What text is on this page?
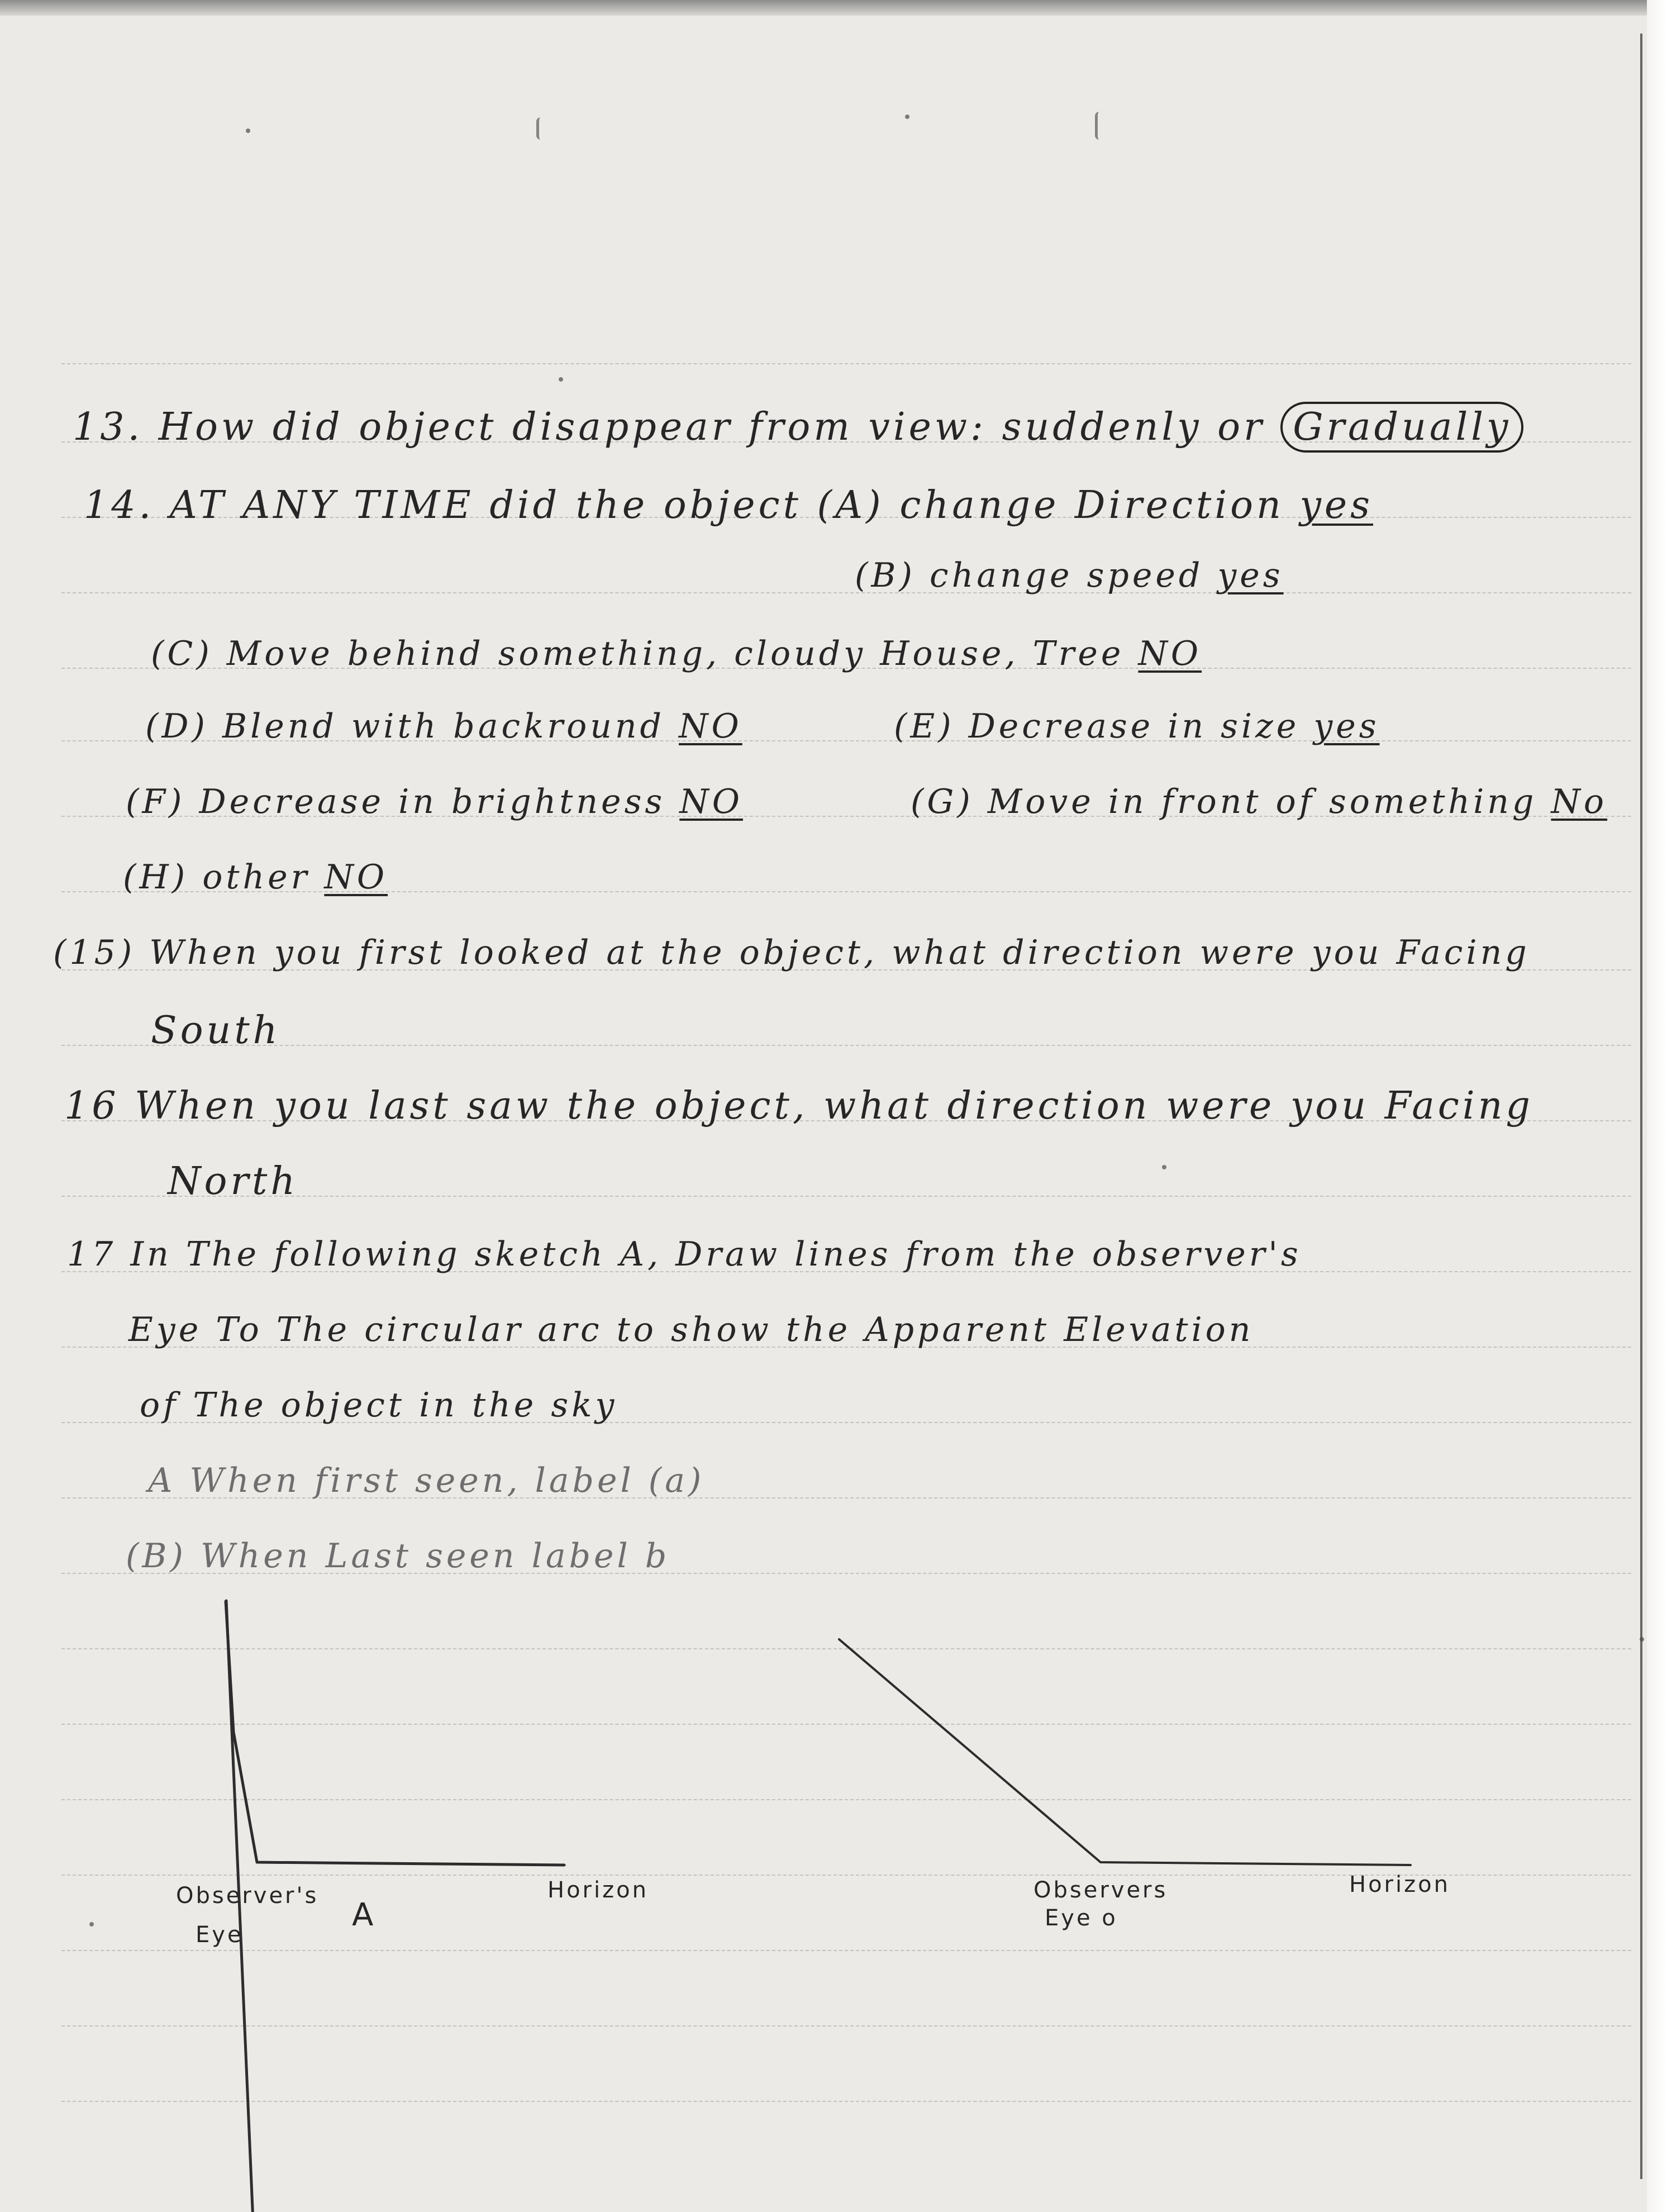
13. How did object disappear from view: suddenly or Gradually
14. AT ANY TIME did the object (A) change Direction yes
(B) change speed yes
(C) Move behind something, cloudy House, Tree NO
(D) Blend with backround NO	(E) Decrease in size yes
(F) Decrease in brightness NO	(G) Move in front of something No
(H) other NO
(15) When you first looked at the object, what direction were you Facing
South
16 When you last saw the object, what direction were you Facing
North
17 In The following sketch A, Draw lines from the observer's
Eye To The circular arc to show the Apparent Elevation
of The object in the sky
A When first seen, label (a)
(B) When Last seen label b
Observer's
Eye
Horizon
A
Observers
Eye o
Horizon
